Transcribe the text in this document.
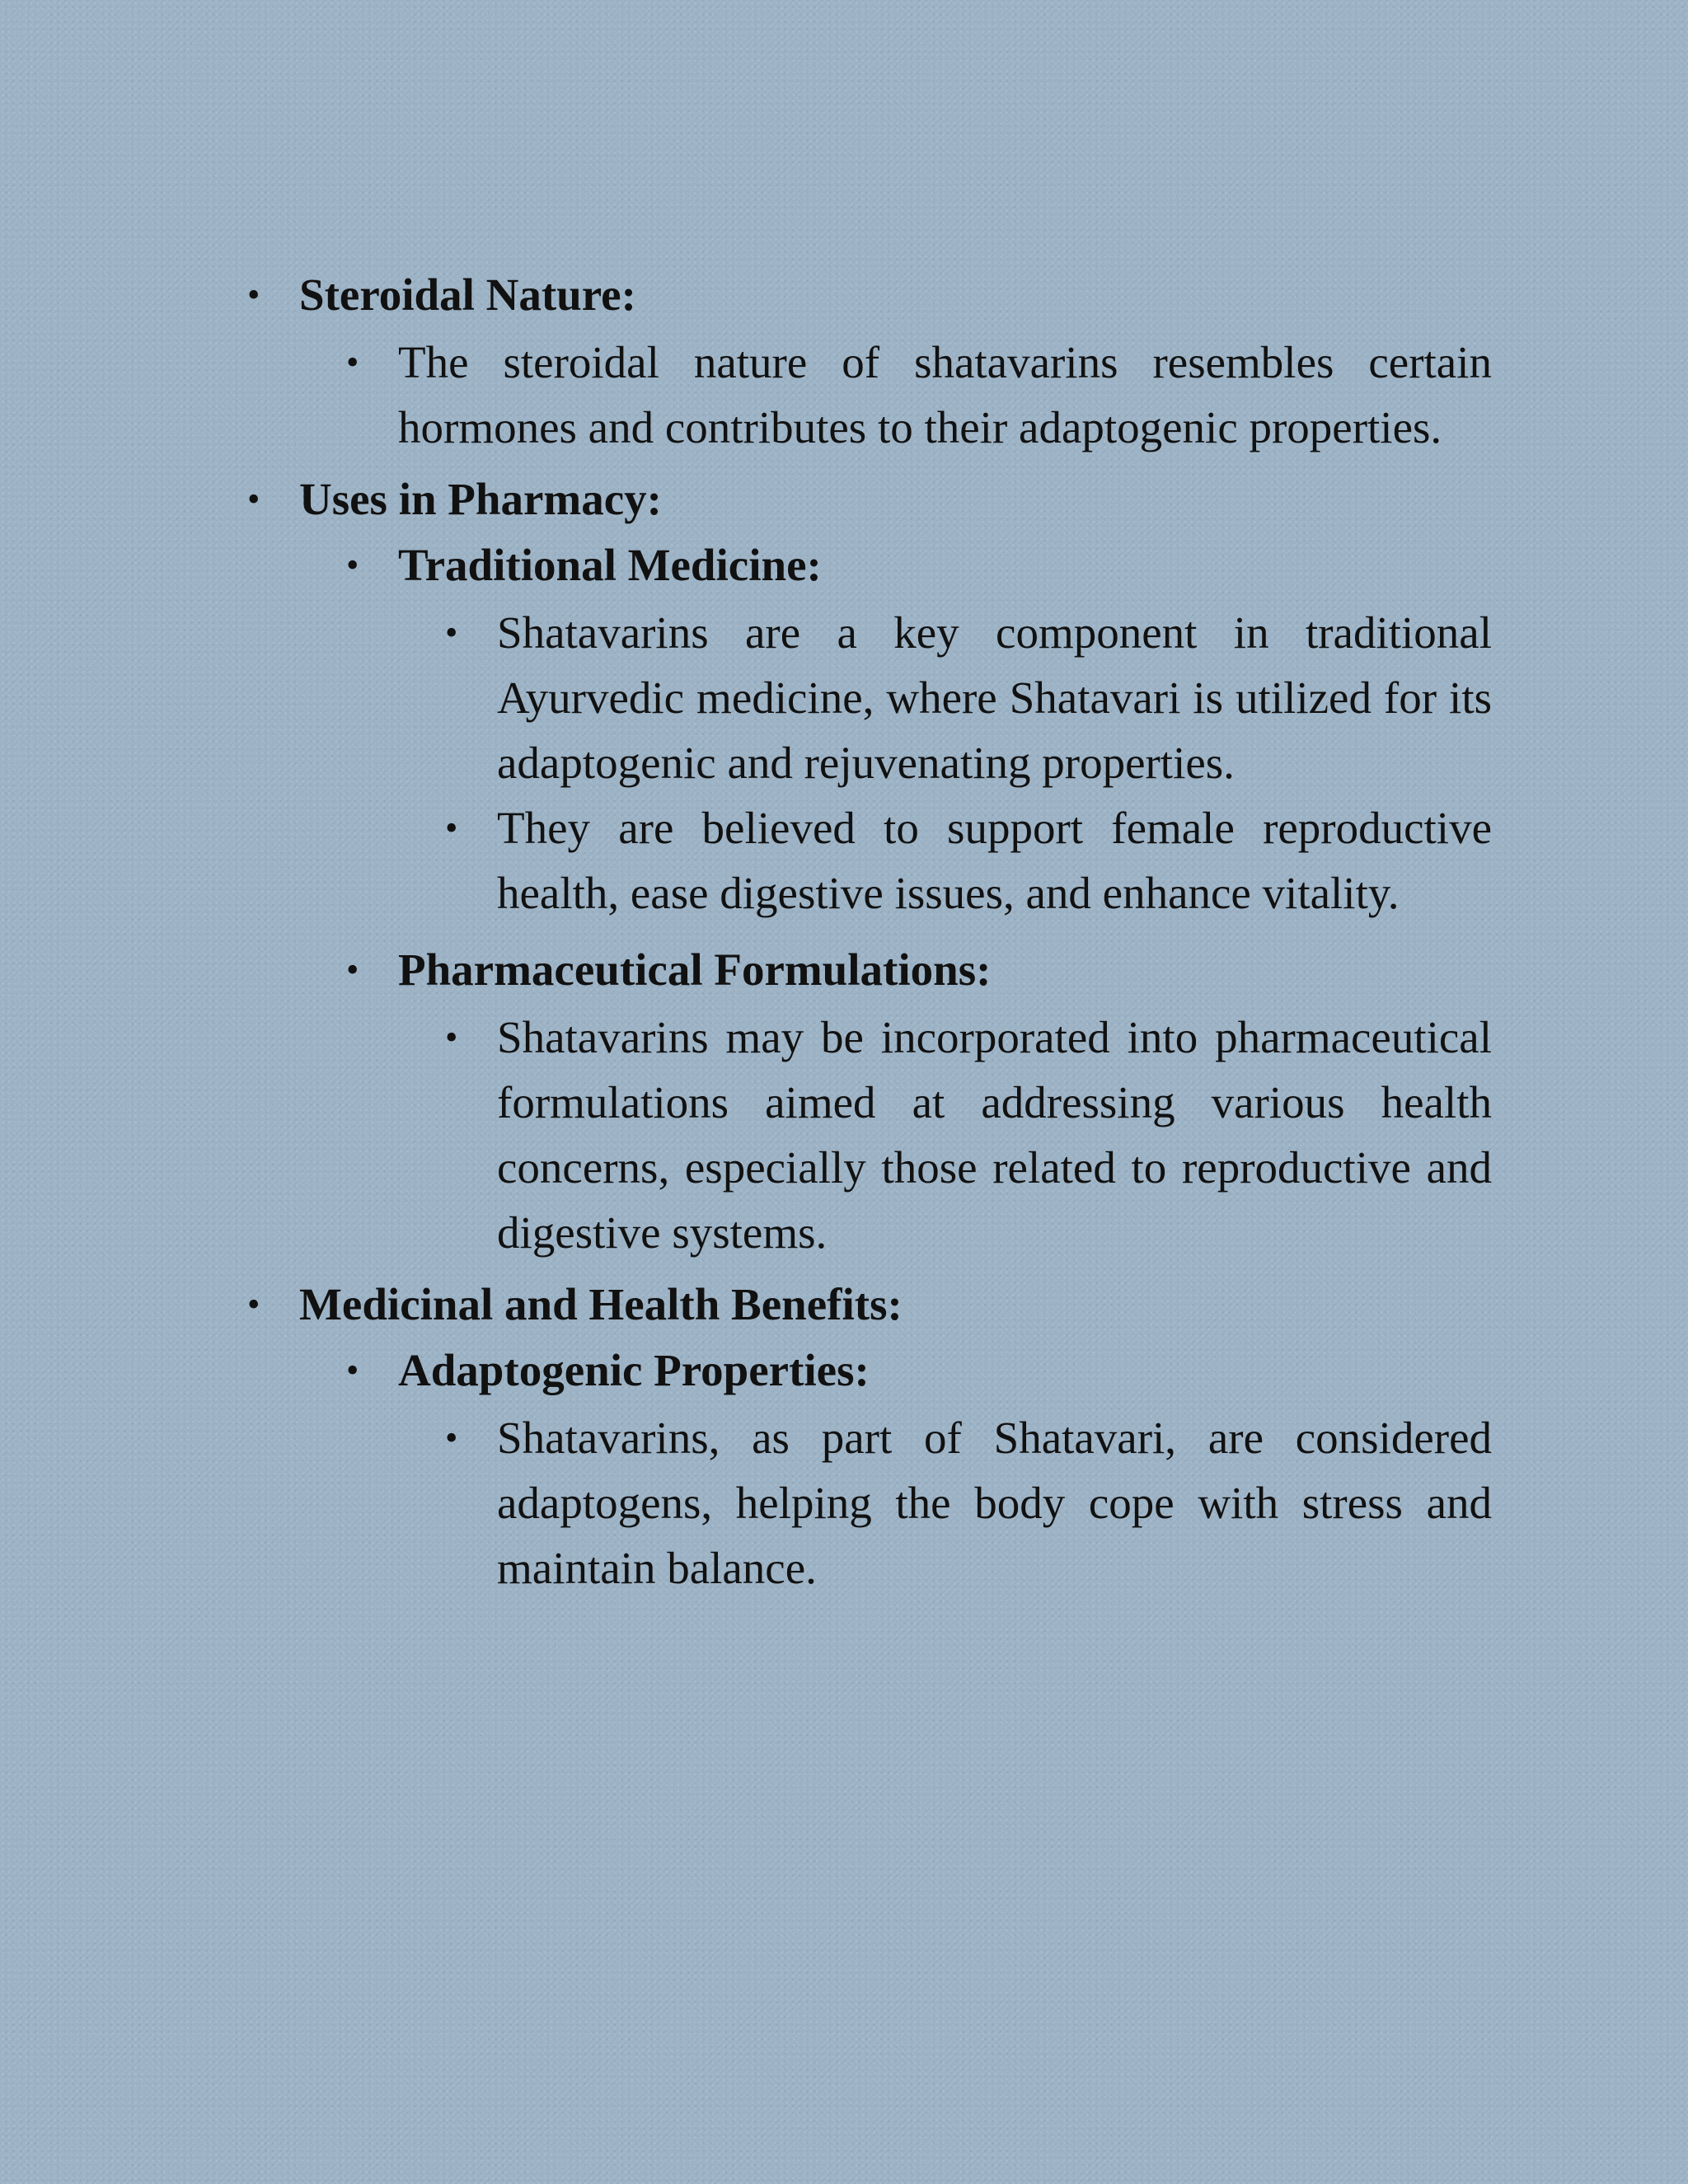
• Steroidal Nature:
• The steroidal nature of shatavarins resembles certain hormones and contributes to their adaptogenic properties.
• Uses in Pharmacy:
• Traditional Medicine:
• Shatavarins are a key component in traditional Ayurvedic medicine, where Shatavari is utilized for its adaptogenic and rejuvenating properties.
• They are believed to support female reproductive health, ease digestive issues, and enhance vitality.
• Pharmaceutical Formulations:
• Shatavarins may be incorporated into pharmaceutical formulations aimed at addressing various health concerns, especially those related to reproductive and digestive systems.
• Medicinal and Health Benefits:
• Adaptogenic Properties:
• Shatavarins, as part of Shatavari, are considered adaptogens, helping the body cope with stress and maintain balance.
